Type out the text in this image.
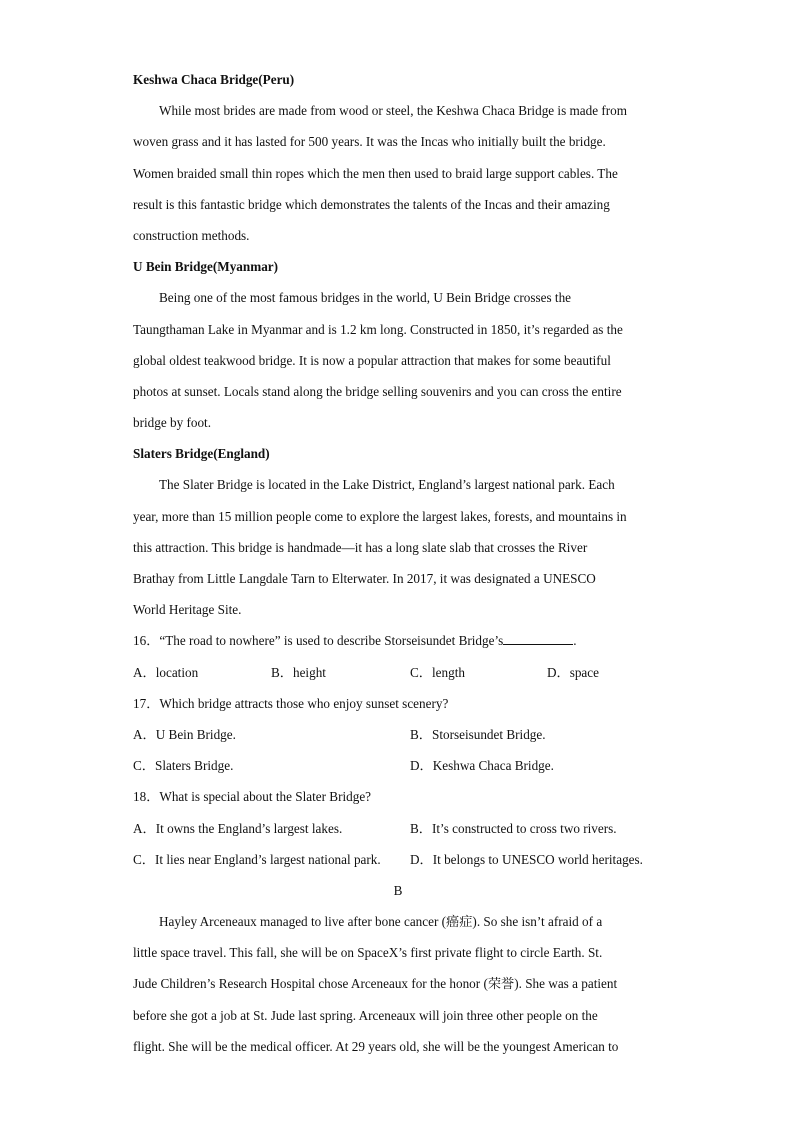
Keshwa Chaca Bridge(Peru)
While most brides are made from wood or steel, the Keshwa Chaca Bridge is made from
woven grass and it has lasted for 500 years. It was the Incas who initially built the bridge.
Women braided small thin ropes which the men then used to braid large support cables. The
result is this fantastic bridge which demonstrates the talents of the Incas and their amazing
construction methods.
U Bein Bridge(Myanmar)
Being one of the most famous bridges in the world, U Bein Bridge crosses the
Taungthaman Lake in Myanmar and is 1.2 km long. Constructed in 1850, it’s regarded as the
global oldest teakwood bridge. It is now a popular attraction that makes for some beautiful
photos at sunset. Locals stand along the bridge selling souvenirs and you can cross the entire
bridge by foot.
Slaters Bridge(England)
The Slater Bridge is located in the Lake District, England’s largest national park. Each
year, more than 15 million people come to explore the largest lakes, forests, and mountains in
this attraction. This bridge is handmade—it has a long slate slab that crosses the River
Brathay from Little Langdale Tarn to Elterwater. In 2017, it was designated a UNESCO
World Heritage Site.
16．“The road to nowhere” is used to describe Storseisundet Bridge’s	.
A．location	B．height	C．length	D．space
17．Which bridge attracts those who enjoy sunset scenery?
A．U Bein Bridge.	B．Storseisundet Bridge.
C．Slaters Bridge.	D．Keshwa Chaca Bridge.
18．What is special about the Slater Bridge?
A．It owns the England’s largest lakes.	B．It’s constructed to cross two rivers.
C．It lies near England’s largest national park. D．It belongs to UNESCO world heritages.
B
Hayley Arceneaux managed to live after bone cancer (癌症). So she isn’t afraid of a
little space travel. This fall, she will be on SpaceX’s first private flight to circle Earth. St.
Jude Children’s Research Hospital chose Arceneaux for the honor (荣誉). She was a patient
before she got a job at St. Jude last spring. Arceneaux will join three other people on the
flight. She will be the medical officer. At 29 years old, she will be the youngest American to
